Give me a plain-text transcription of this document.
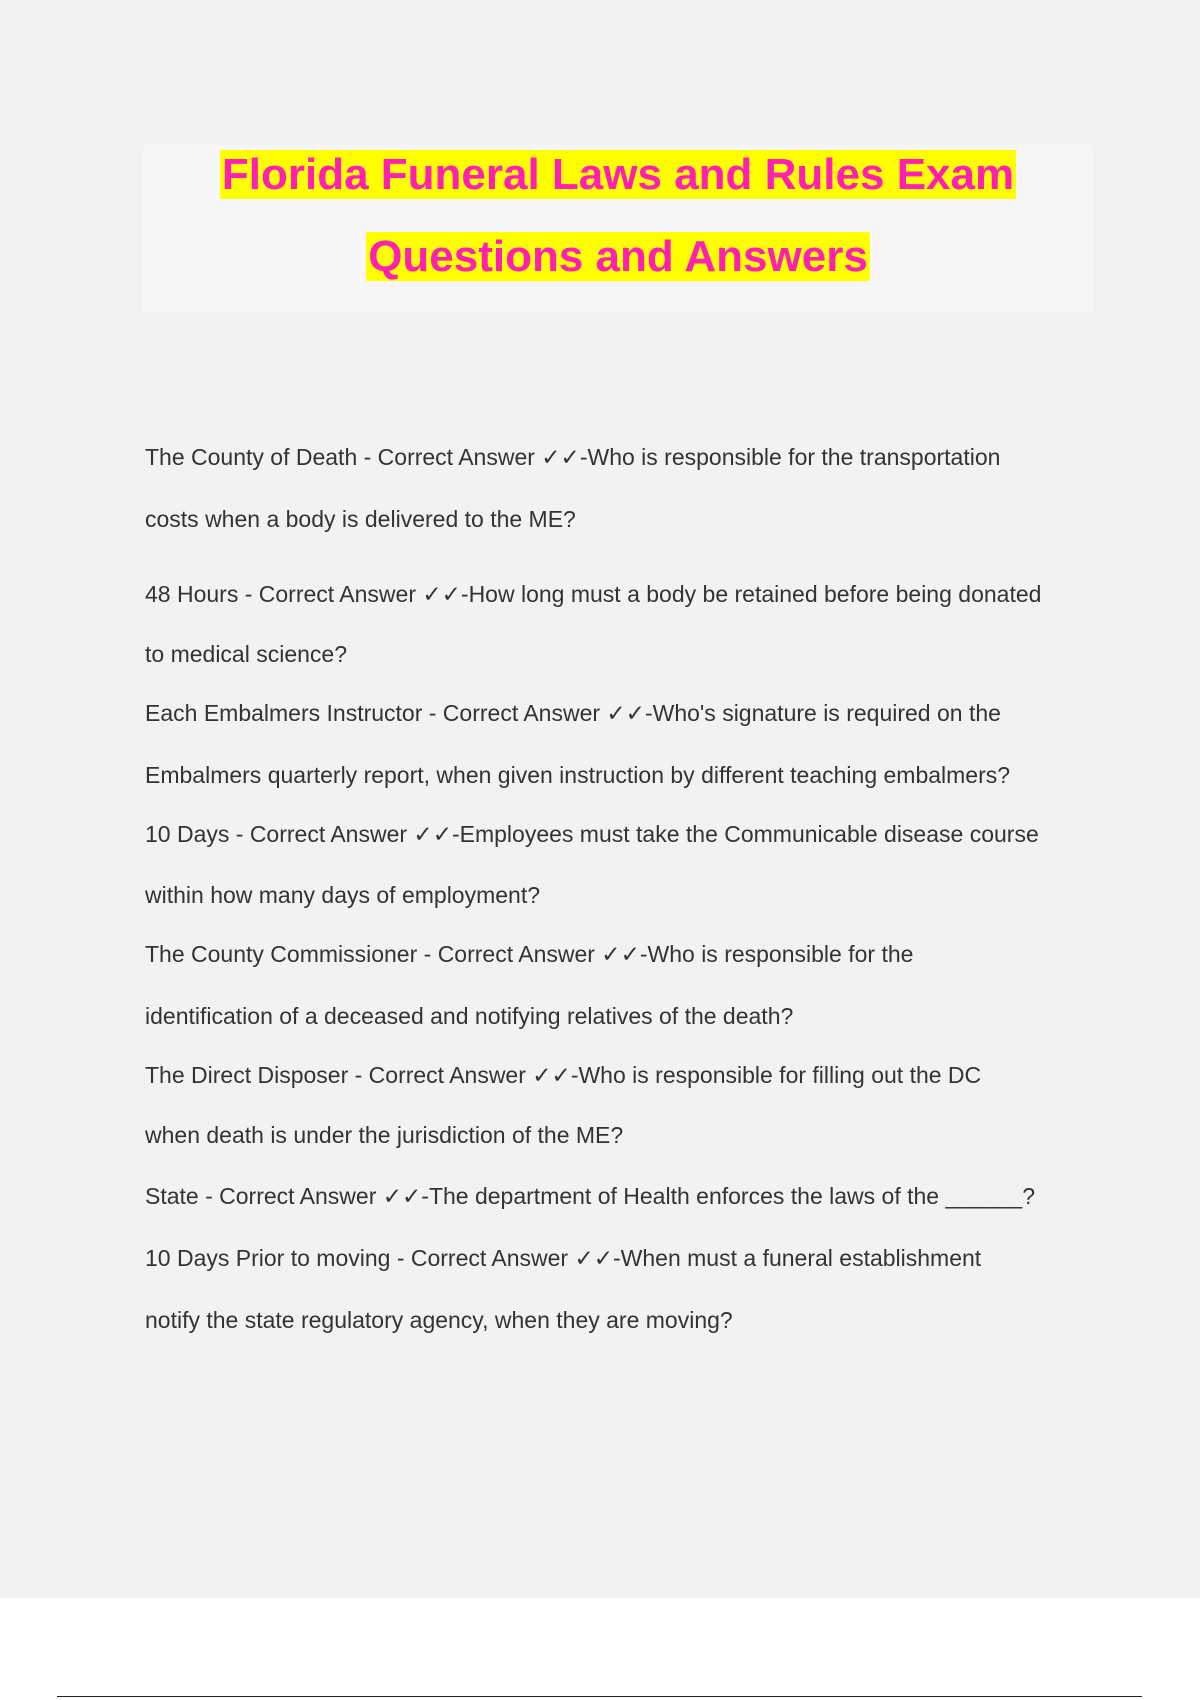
Florida Funeral Laws and Rules Exam
Questions and Answers
The County of Death - Correct Answer ✓✓-Who is responsible for the transportation
costs when a body is delivered to the ME?
48 Hours - Correct Answer ✓✓-How long must a body be retained before being donated
to medical science?
Each Embalmers Instructor - Correct Answer ✓✓-Who's signature is required on the
Embalmers quarterly report, when given instruction by different teaching embalmers?
10 Days - Correct Answer ✓✓-Employees must take the Communicable disease course
within how many days of employment?
The County Commissioner - Correct Answer ✓✓-Who is responsible for the
identification of a deceased and notifying relatives of the death?
The Direct Disposer - Correct Answer ✓✓-Who is responsible for filling out the DC
when death is under the jurisdiction of the ME?
State - Correct Answer ✓✓-The department of Health enforces the laws of the ______?
10 Days Prior to moving - Correct Answer ✓✓-When must a funeral establishment
notify the state regulatory agency, when they are moving?
